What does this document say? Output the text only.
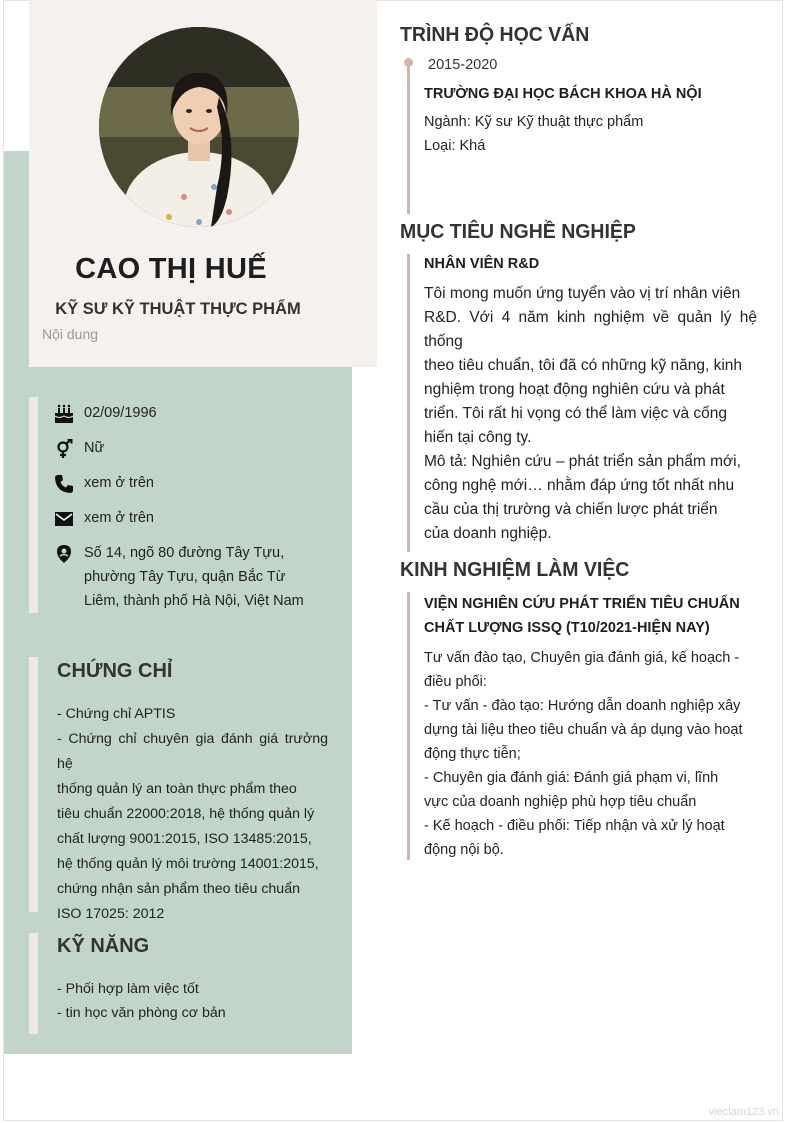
CAO THỊ HUẾ
KỸ SƯ KỸ THUẬT THỰC PHẨM
Nội dung
02/09/1996
Nữ
xem ở trên
xem ở trên
Số 14, ngõ 80 đường Tây Tựu,
phường Tây Tựu, quận Bắc Từ
Liêm, thành phố Hà Nội, Việt Nam
CHỨNG CHỈ
- Chứng chỉ APTIS
- Chứng chỉ chuyên gia đánh giá trưởng hệ
thống quản lý an toàn thực phẩm theo
tiêu chuẩn 22000:2018, hệ thống quản lý
chất lượng 9001:2015, ISO 13485:2015,
hệ thống quản lý môi trường 14001:2015,
chứng nhận sản phẩm theo tiêu chuẩn
ISO 17025: 2012
KỸ NĂNG
- Phối hợp làm việc tốt
- tin học văn phòng cơ bản
TRÌNH ĐỘ HỌC VẤN
2015-2020
TRƯỜNG ĐẠI HỌC BÁCH KHOA HÀ NỘI
Ngành: Kỹ sư Kỹ thuật thực phẩm
Loại: Khá
MỤC TIÊU NGHỀ NGHIỆP
NHÂN VIÊN R&D
Tôi mong muốn ứng tuyển vào vị trí nhân viên
R&D. Với 4 năm kinh nghiệm về quản lý hệ thống
theo tiêu chuẩn, tôi đã có những kỹ năng, kinh
nghiệm trong hoạt động nghiên cứu và phát
triển. Tôi rất hi vọng có thể làm việc và cống
hiến tại công ty.
Mô tả: Nghiên cứu – phát triển sản phẩm mới,
công nghệ mới… nhằm đáp ứng tốt nhất nhu
cầu của thị trường và chiến lược phát triển
của doanh nghiệp.
KINH NGHIỆM LÀM VIỆC
VIỆN NGHIÊN CỨU PHÁT TRIỂN TIÊU CHUẨN
CHẤT LƯỢNG ISSQ (T10/2021-HIỆN NAY)
Tư vấn đào tạo, Chuyên gia đánh giá, kế hoạch -
điều phối:
- Tư vấn - đào tạo: Hướng dẫn doanh nghiệp xây
dựng tài liệu theo tiêu chuẩn và áp dụng vào hoạt
động thực tiễn;
- Chuyên gia đánh giá: Đánh giá phạm vi, lĩnh
vực của doanh nghiệp phù hợp tiêu chuẩn
- Kế hoạch - điều phối: Tiếp nhận và xử lý hoạt
động nội bộ.
vieclam123.vn
